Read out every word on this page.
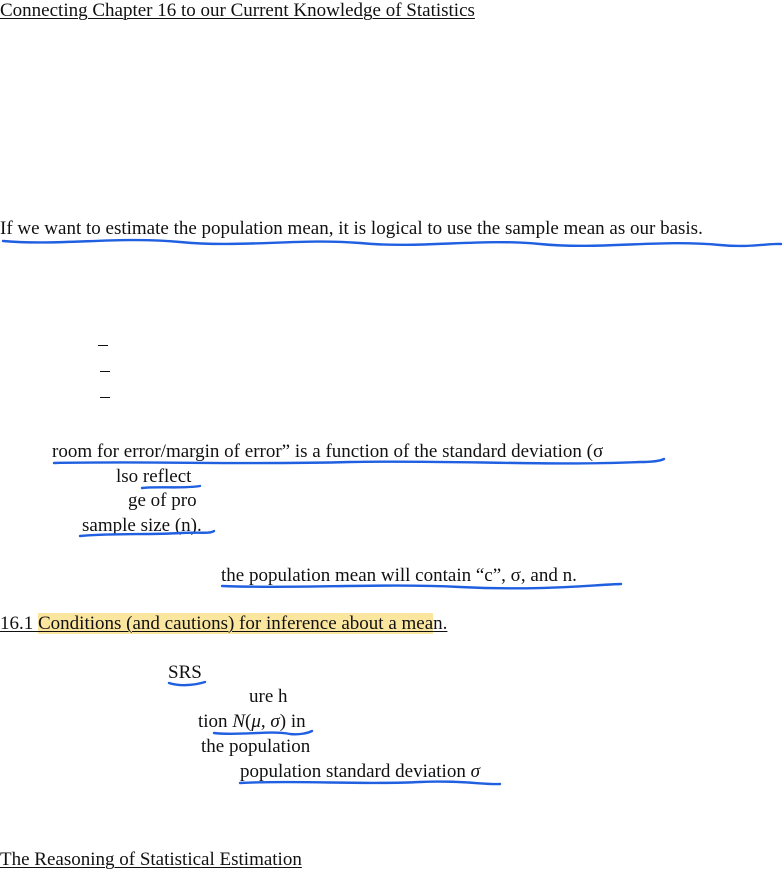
Connecting Chapter 16 to our Current Knowledge of Statistics
If we want to estimate the population mean, it is logical to use the sample mean as our basis.
room for error/margin of error” is a function of the standard deviation (σ
lso reflect
ge of pro
sample size (n).
the population mean will contain “c”, σ, and n.
16.1 Conditions (and cautions) for inference about a mean.
SRS
ure h
tion N(μ, σ) in
the population
population standard deviation σ
The Reasoning of Statistical Estimation
